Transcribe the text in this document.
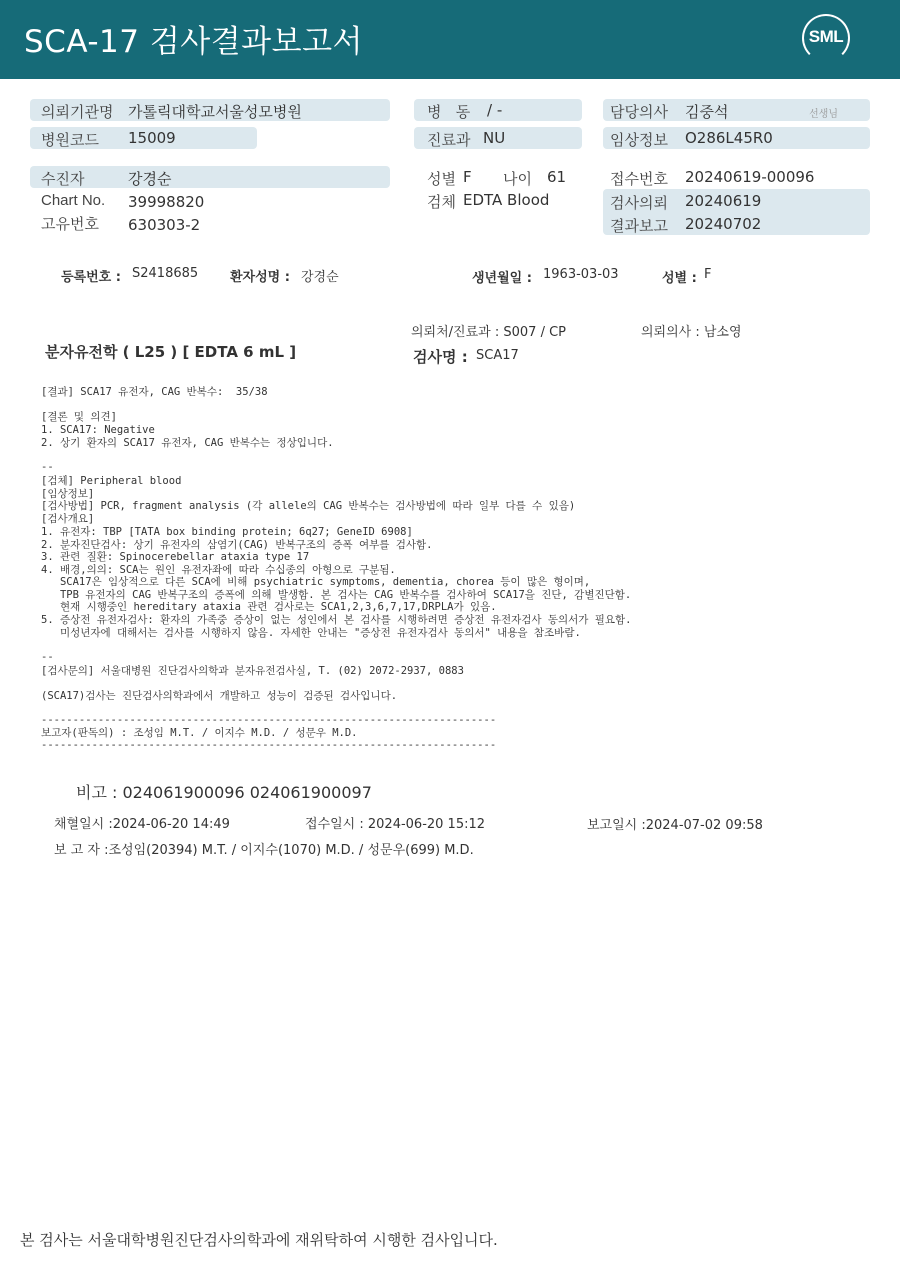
SCA-17 검사결과보고서	SML
의뢰기관명 가톨릭대학교서울성모병원
병원코드 15009
수진자	강경순
Chart No. 39998820
고유번호 630303-2
병   동 / -
진료과 NU
성별 F 나이 61
검체 EDTA Blood
담당의사 김중석	선생님
임상정보 O286L45R0
접수번호 20240619-00096
검사의뢰 20240619
결과보고 20240702
등록번호 : S2418685 환자성명 : 강경순	생년월일 : 1963-03-03	성별 : F
의뢰처/진료과 : S007 / CP	의뢰의사 : 남소영
분자유전학 ( L25 ) [ EDTA 6 mL ]	검사명 : SCA17
[결과] SCA17 유전자, CAG 반복수:  35/38
[결론 및 의견]
1. SCA17: Negative
2. 상기 환자의 SCA17 유전자, CAG 반복수는 정상입니다.
--
[검체] Peripheral blood
[임상정보]
[검사방법] PCR, fragment analysis (각 allele의 CAG 반복수는 검사방법에 따라 일부 다를 수 있음)
[검사개요]
1. 유전자: TBP [TATA box binding protein; 6q27; GeneID 6908]
2. 분자진단검사: 상기 유전자의 삼염기(CAG) 반복구조의 증폭 여부를 검사함.
3. 관련 질환: Spinocerebellar ataxia type 17
4. 배경,의의: SCA는 원인 유전자좌에 따라 수십종의 아형으로 구분됨.
SCA17은 임상적으로 다른 SCA에 비해 psychiatric symptoms, dementia, chorea 등이 많은 형이며,
TPB 유전자의 CAG 반복구조의 증폭에 의해 발생함. 본 검사는 CAG 반복수를 검사하여 SCA17을 진단, 감별진단함.
현재 시행중인 hereditary ataxia 관련 검사로는 SCA1,2,3,6,7,17,DRPLA가 있음.
5. 증상전 유전자검사: 환자의 가족중 증상이 없는 성인에서 본 검사를 시행하려면 증상전 유전자검사 동의서가 필요함.
미성년자에 대해서는 검사를 시행하지 않음. 자세한 안내는 "증상전 유전자검사 동의서" 내용을 참조바람.
--
[검사문의] 서울대병원 진단검사의학과 분자유전검사실, T. (02) 2072-2937, 0883
(SCA17)검사는 진단검사의학과에서 개발하고 성능이 검증된 검사입니다.
------------------------------------------------------------------------
보고자(판독의) : 조성임 M.T. / 이지수 M.D. / 성문우 M.D.
------------------------------------------------------------------------
비고 : 024061900096 024061900097
채혈일시 :2024-06-20 14:49	접수일시 : 2024-06-20 15:12	보고일시 :2024-07-02 09:58
보 고 자 :조성임(20394) M.T. / 이지수(1070) M.D. / 성문우(699) M.D.
본 검사는 서울대학병원진단검사의학과에 재위탁하여 시행한 검사입니다.
